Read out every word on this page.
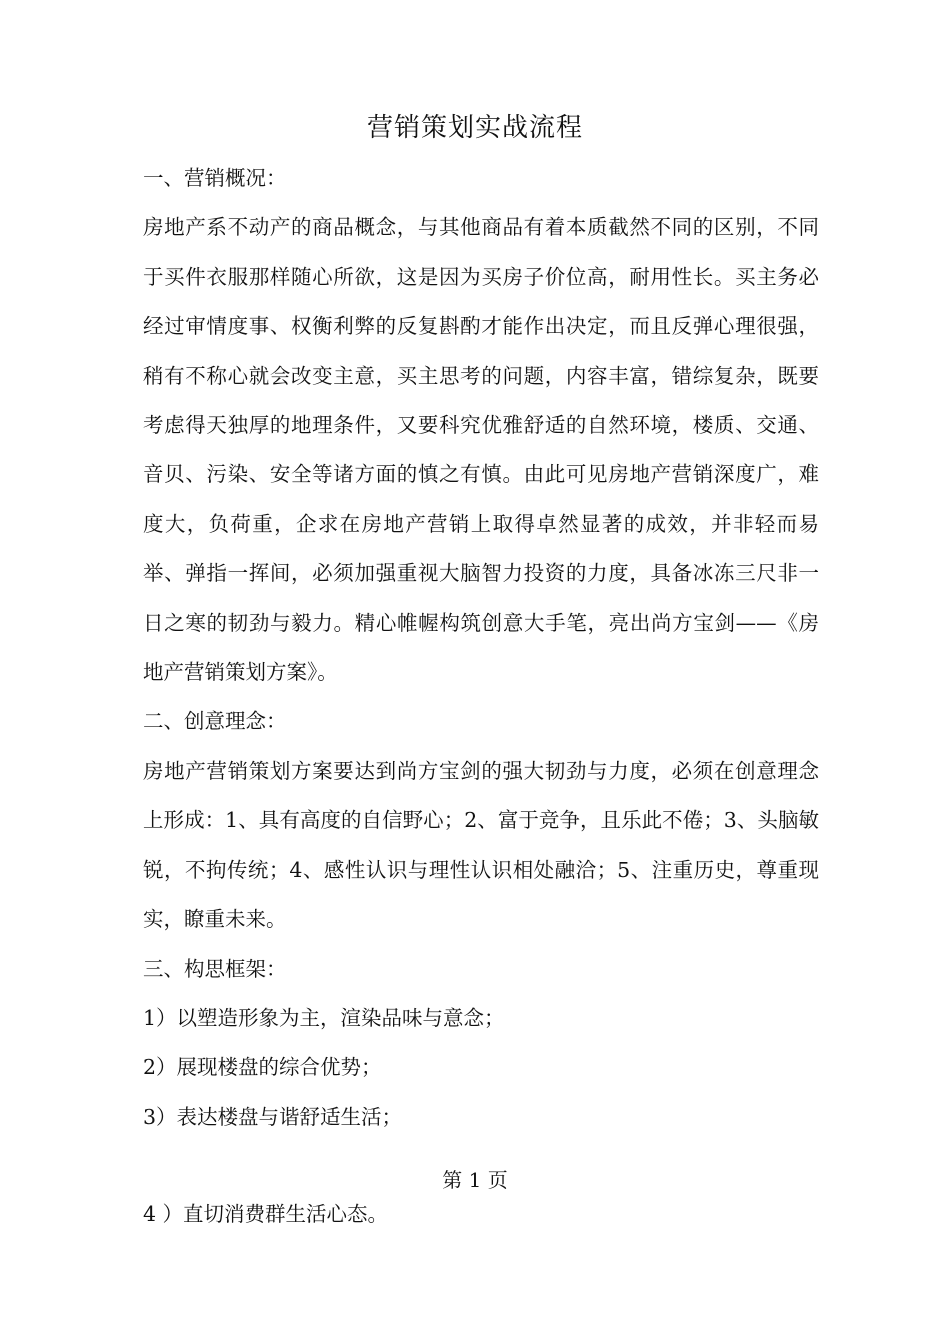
营销策划实战流程

一、营销概况：

房地产系不动产的商品概念，与其他商品有着本质截然不同的区别，不同于买件衣服那样随心所欲，这是因为买房子价位高，耐用性长。买主务必经过审情度事、权衡利弊的反复斟酌才能作出决定，而且反弹心理很强，稍有不称心就会改变主意，买主思考的问题，内容丰富，错综复杂，既要考虑得天独厚的地理条件，又要科究优雅舒适的自然环境，楼质、交通、音贝、污染、安全等诸方面的慎之有慎。由此可见房地产营销深度广，难度大，负荷重，企求在房地产营销上取得卓然显著的成效，并非轻而易举、弹指一挥间，必须加强重视大脑智力投资的力度，具备冰冻三尺非一日之寒的韧劲与毅力。精心帷幄构筑创意大手笔，亮出尚方宝剑——《房地产营销策划方案》。

二、创意理念：

房地产营销策划方案要达到尚方宝剑的强大韧劲与力度，必须在创意理念上形成：1、具有高度的自信野心；2、富于竞争，且乐此不倦；3、头脑敏锐，不拘传统；4、感性认识与理性认识相处融洽；5、注重历史，尊重现实，瞭重未来。

三、构思框架：

1）以塑造形象为主，渲染品味与意念；

2）展现楼盘的综合优势；

3）表达楼盘与谐舒适生活；

第 1 页
4 ）直切消费群生活心态。
